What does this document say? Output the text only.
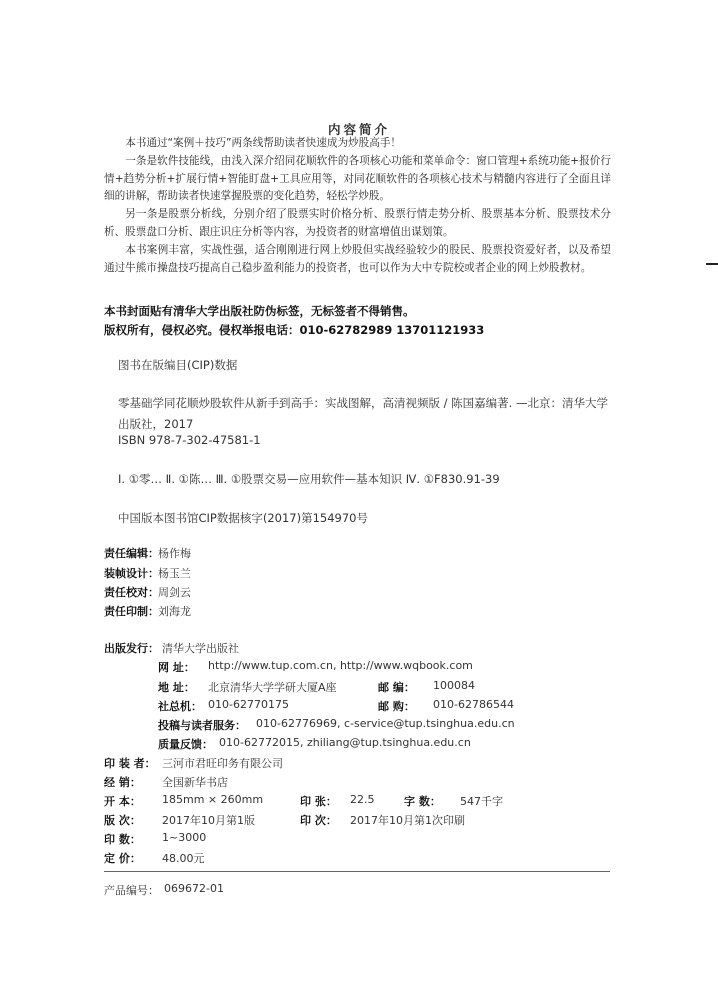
内容简介
本书通过“案例＋技巧”两条线帮助读者快速成为炒股高手！
一条是软件技能线，由浅入深介绍同花顺软件的各项核心功能和菜单命令：窗口管理+系统功能+报价行情+趋势分析+扩展行情+智能盯盘+工具应用等，对同花顺软件的各项核心技术与精髓内容进行了全面且详细的讲解，帮助读者快速掌握股票的变化趋势，轻松学炒股。
另一条是股票分析线，分别介绍了股票实时价格分析、股票行情走势分析、股票基本分析、股票技术分析、股票盘口分析、跟庄识庄分析等内容，为投资者的财富增值出谋划策。
本书案例丰富，实战性强，适合刚刚进行网上炒股但实战经验较少的股民、股票投资爱好者，以及希望通过牛熊市操盘技巧提高自己稳步盈利能力的投资者，也可以作为大中专院校或者企业的网上炒股教材。
本书封面贴有清华大学出版社防伪标签，无标签者不得销售。
版权所有，侵权必究。侵权举报电话：010-62782989 13701121933
图书在版编目(CIP)数据
零基础学同花顺炒股软件从新手到高手：实战图解，高清视频版 / 陈国嘉编著. —北京：清华大学出版社，2017
ISBN 978-7-302-47581-1
Ⅰ. ①零… Ⅱ. ①陈… Ⅲ. ①股票交易—应用软件—基本知识 Ⅳ. ①F830.91-39
中国版本图书馆CIP数据核字(2017)第154970号
责任编辑： 杨作梅
装帧设计： 杨玉兰
责任校对： 周剑云
责任印制： 刘海龙
出版发行： 清华大学出版社
网 址： http://www.tup.com.cn, http://www.wqbook.com
地 址： 北京清华大学学研大厦A座	邮 编： 100084
社总机： 010-62770175	邮 购： 010-62786544
投稿与读者服务： 010-62776969, c-service@tup.tsinghua.edu.cn
质量反馈： 010-62772015, zhiliang@tup.tsinghua.edu.cn
印 装 者： 三河市君旺印务有限公司
经 销： 全国新华书店
开 本： 185mm × 260mm	印 张： 22.5	字 数： 547千字
版 次： 2017年10月第1版	印 次： 2017年10月第1次印刷
印 数： 1~3000
定 价： 48.00元
产品编号： 069672-01
